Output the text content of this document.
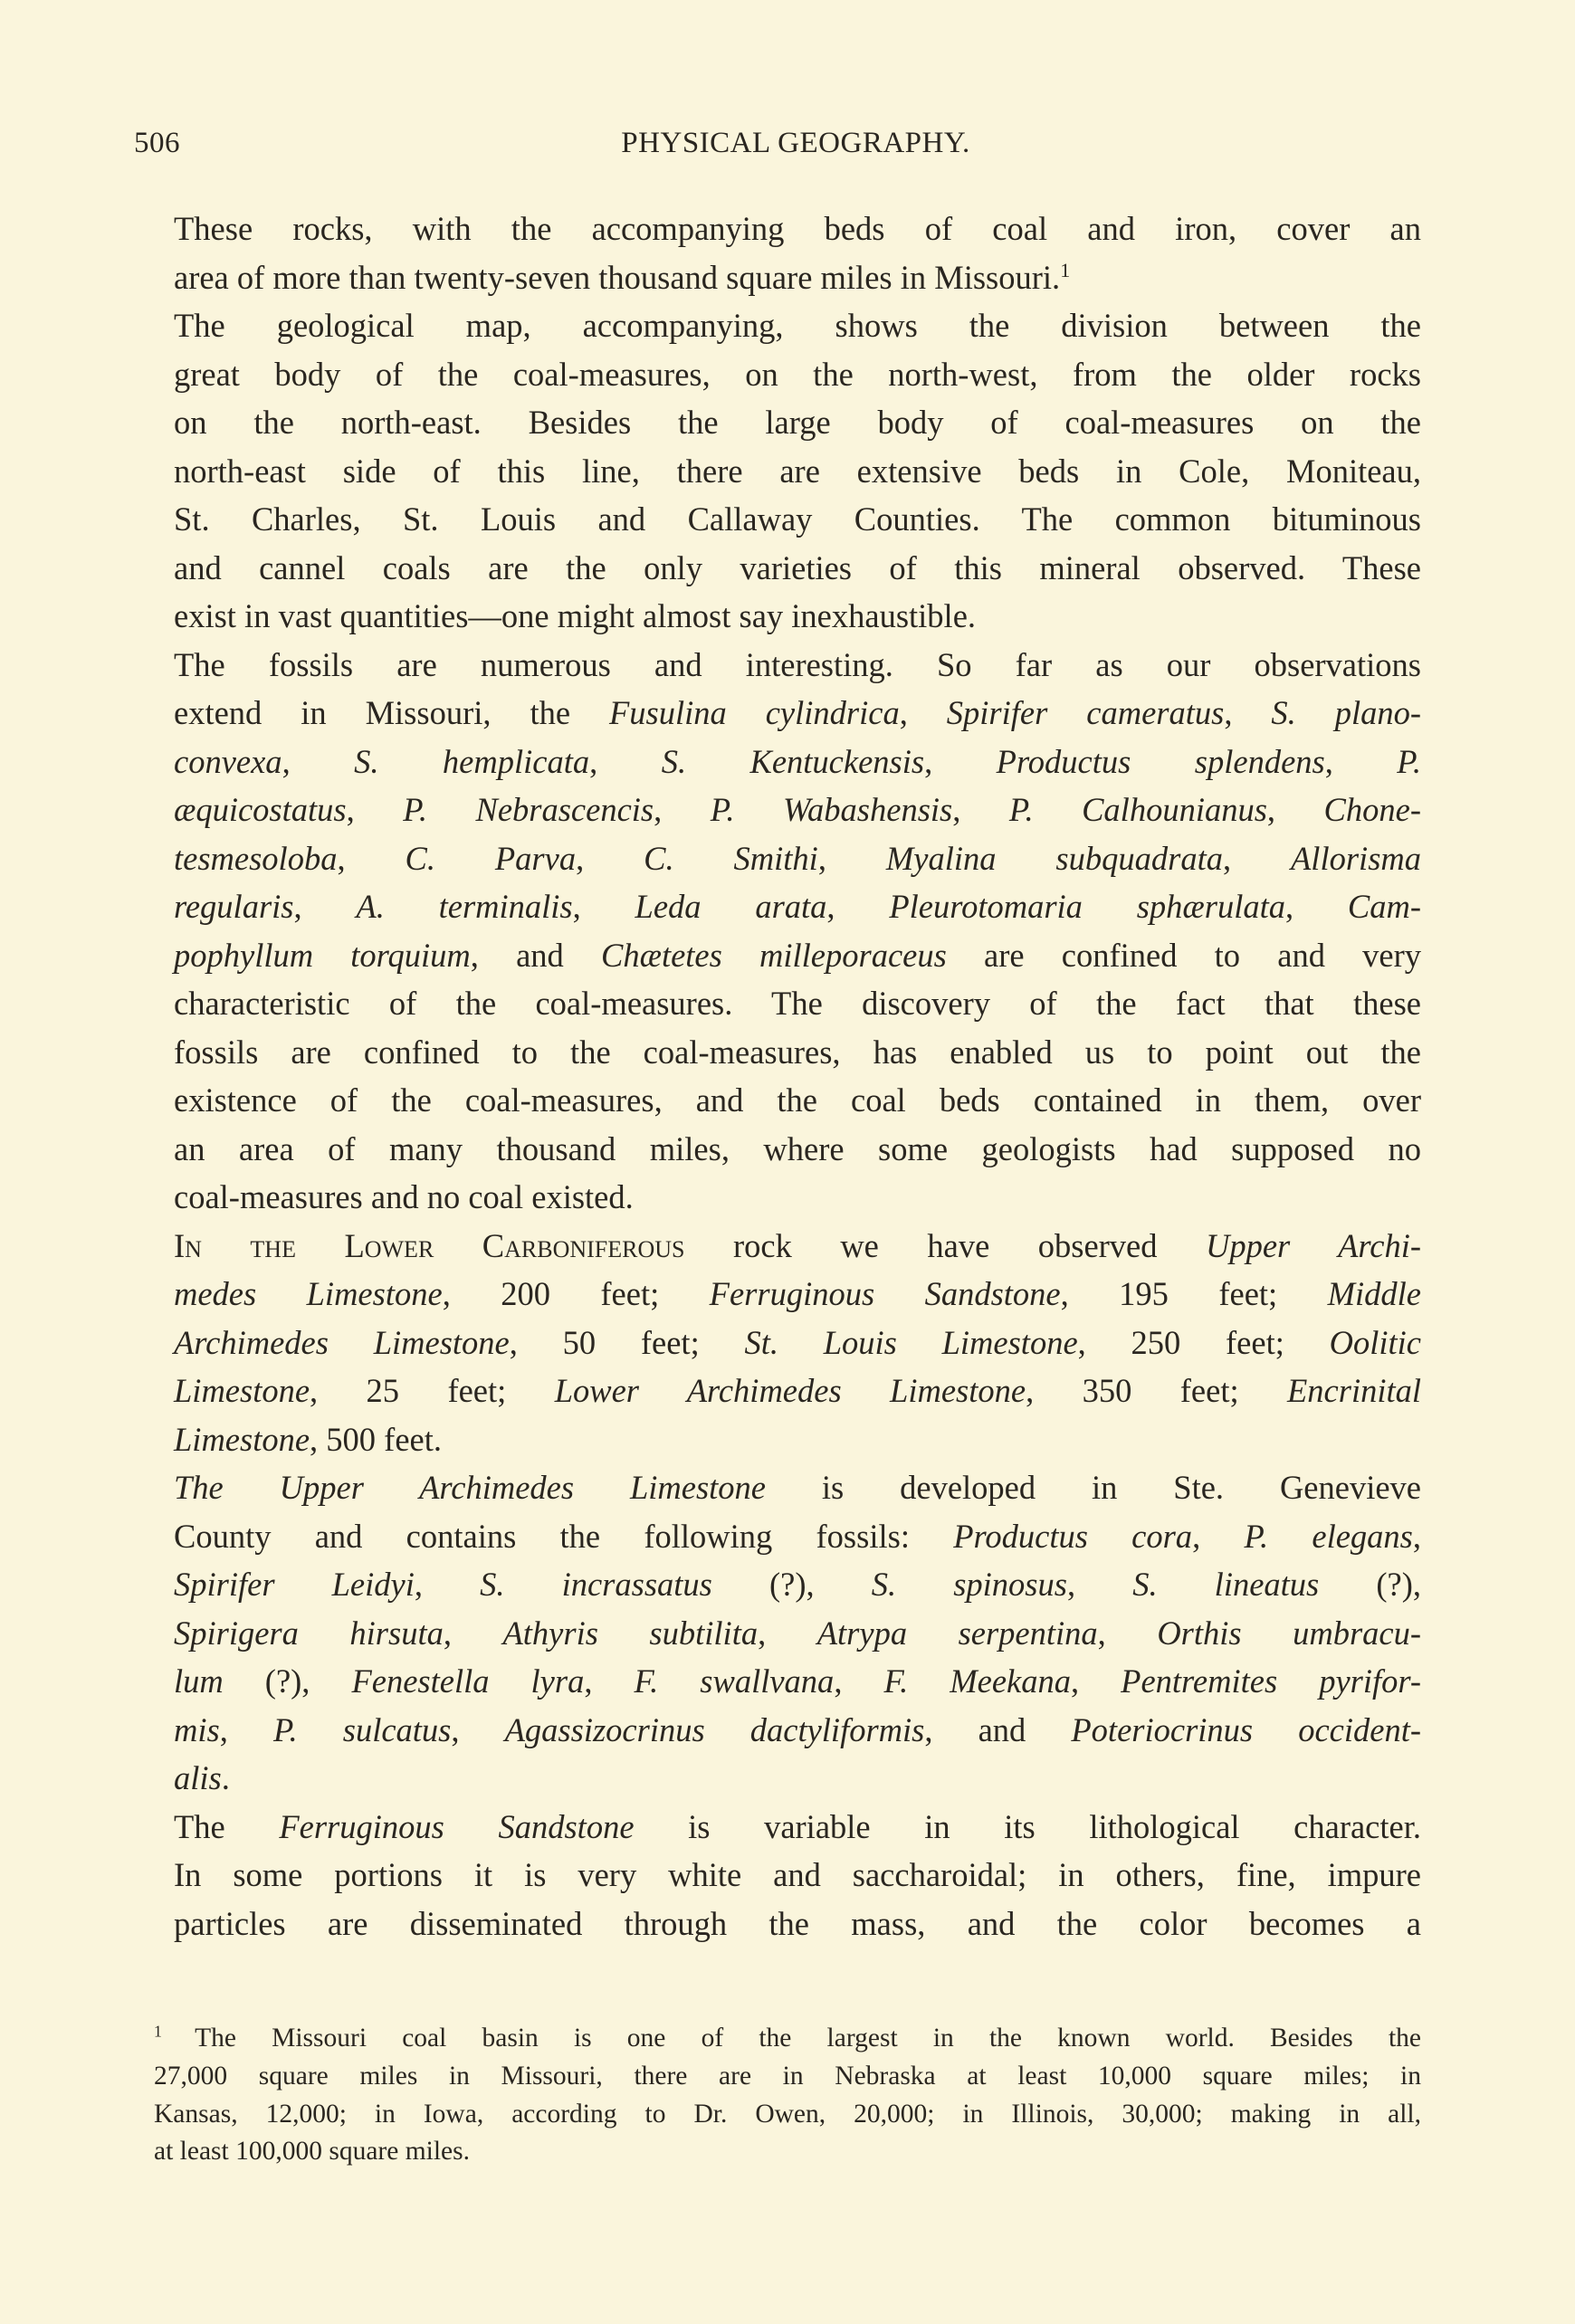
506	PHYSICAL GEOGRAPHY.

These rocks, with the accompanying beds of coal and iron, cover an
area of more than twenty-seven thousand square miles in Missouri.$^1$

The geological map, accompanying, shows the division between the
great body of the coal-measures, on the north-west, from the older rocks
on the north-east. Besides the large body of coal-measures on the
north-east side of this line, there are extensive beds in Cole, Moniteau,
St. Charles, St. Louis and Callaway Counties. The common bituminous
and cannel coals are the only varieties of this mineral observed. These
exist in vast quantities—one might almost say inexhaustible.

The fossils are numerous and interesting. So far as our observations
extend in Missouri, the Fusulina cylindrica, Spirifer cameratus, S. plano-
convexa, S. hemplicata, S. Kentuckensis, Productus splendens, P.
æquicostatus, P. Nebrascencis, P. Wabashensis, P. Calhounianus, Chone-
tesmesoloba, C. Parva, C. Smithi, Myalina subquadrata, Allorisma
regularis, A. terminalis, Leda arata, Pleurotomaria sphærulata, Cam-
pophyllum torquium, and Chætetes milleporaceus are confined to and very
characteristic of the coal-measures. The discovery of the fact that these
fossils are confined to the coal-measures, has enabled us to point out the
existence of the coal-measures, and the coal beds contained in them, over
an area of many thousand miles, where some geologists had supposed no
coal-measures and no coal existed.

In the Lower Carboniferous rock we have observed Upper Archi-
medes Limestone, 200 feet; Ferruginous Sandstone, 195 feet; Middle
Archimedes Limestone, 50 feet; St. Louis Limestone, 250 feet; Oolitic
Limestone, 25 feet; Lower Archimedes Limestone, 350 feet; Encrinital
Limestone, 500 feet.

The Upper Archimedes Limestone is developed in Ste. Genevieve
County and contains the following fossils: Productus cora, P. elegans,
Spirifer Leidyi, S. incrassatus (?), S. spinosus, S. lineatus (?),
Spirigera hirsuta, Athyris subtilita, Atrypa serpentina, Orthis umbracu-
lum (?), Fenestella lyra, F. swallvana, F. Meekana, Pentremites pyrifor-
mis, P. sulcatus, Agassizocrinus dactyliformis, and Poteriocrinus occident-
alis.

The Ferruginous Sandstone is variable in its lithological character.
In some portions it is very white and saccharoidal; in others, fine, impure
particles are disseminated through the mass, and the color becomes a

$^1$ The Missouri coal basin is one of the largest in the known world. Besides the
27,000 square miles in Missouri, there are in Nebraska at least 10,000 square miles; in
Kansas, 12,000; in Iowa, according to Dr. Owen, 20,000; in Illinois, 30,000; making in all,
at least 100,000 square miles.
